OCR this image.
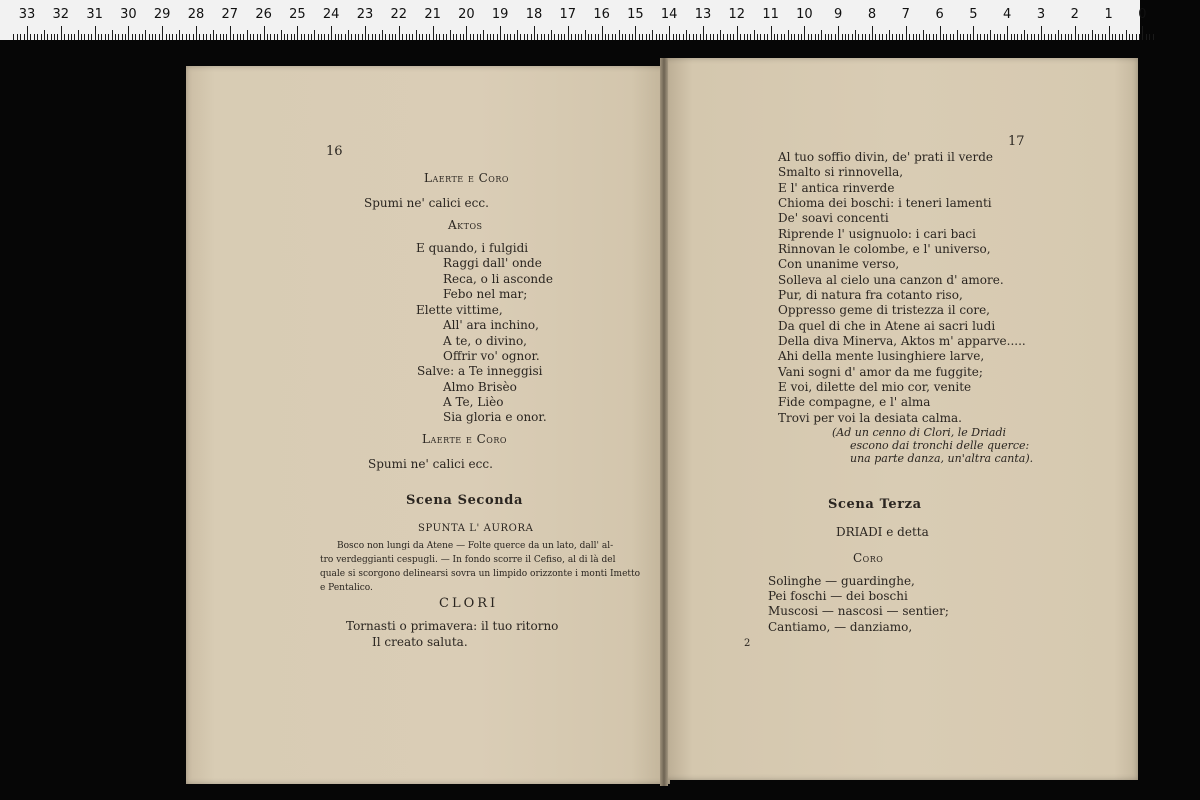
33	32	31	30	29	28	27	26	25	24	23	22	21	20	19	18	17	16	15	14	13	12	11	10	9	8	7	6	5	4	3	2	1	0
16
Laerte e Coro
Spumi ne' calici ecc.
Aktos
E quando, i fulgidi
Raggi dall' onde
Reca, o li asconde
Febo nel mar;
Elette vittime,
All' ara inchino,
A te, o divino,
Offrir vo' ognor.
Salve: a Te inneggisi
Almo Brisèo
A Te, Lièo
Sia gloria e onor.
Laerte e Coro
Spumi ne' calici ecc.
Scena Seconda
SPUNTA L' AURORA
Bosco non lungi da Atene — Folte querce da un lato, dall' al-
tro verdeggianti cespugli. — In fondo scorre il Cefiso, al di là del
quale si scorgono delinearsi sovra un limpido orizzonte i monti Imetto
e Pentalico.
CLORI
Tornasti o primavera: il tuo ritorno
Il creato saluta.
17
Al tuo soffio divin, de' prati il verde
Smalto si rinnovella,
E l' antica rinverde
Chioma dei boschi: i teneri lamenti
De' soavi concenti
Riprende l' usignuolo: i cari baci
Rinnovan le colombe, e l' universo,
Con unanime verso,
Solleva al cielo una canzon d' amore.
Pur, di natura fra cotanto riso,
Oppresso geme di tristezza il core,
Da quel di che in Atene ai sacri ludi
Della diva Minerva, Aktos m' apparve.....
Ahi della mente lusinghiere larve,
Vani sogni d' amor da me fuggite;
E voi, dilette del mio cor, venite
Fide compagne, e l' alma
Trovi per voi la desiata calma.
(Ad un cenno di Clori, le Driadi
escono dai tronchi delle querce:
una parte danza, un'altra canta).
Scena Terza
DRIADI e detta
Coro
Solinghe — guardinghe,
Pei foschi — dei boschi
Muscosi — nascosi — sentier;
Cantiamo, — danziamo,
2
